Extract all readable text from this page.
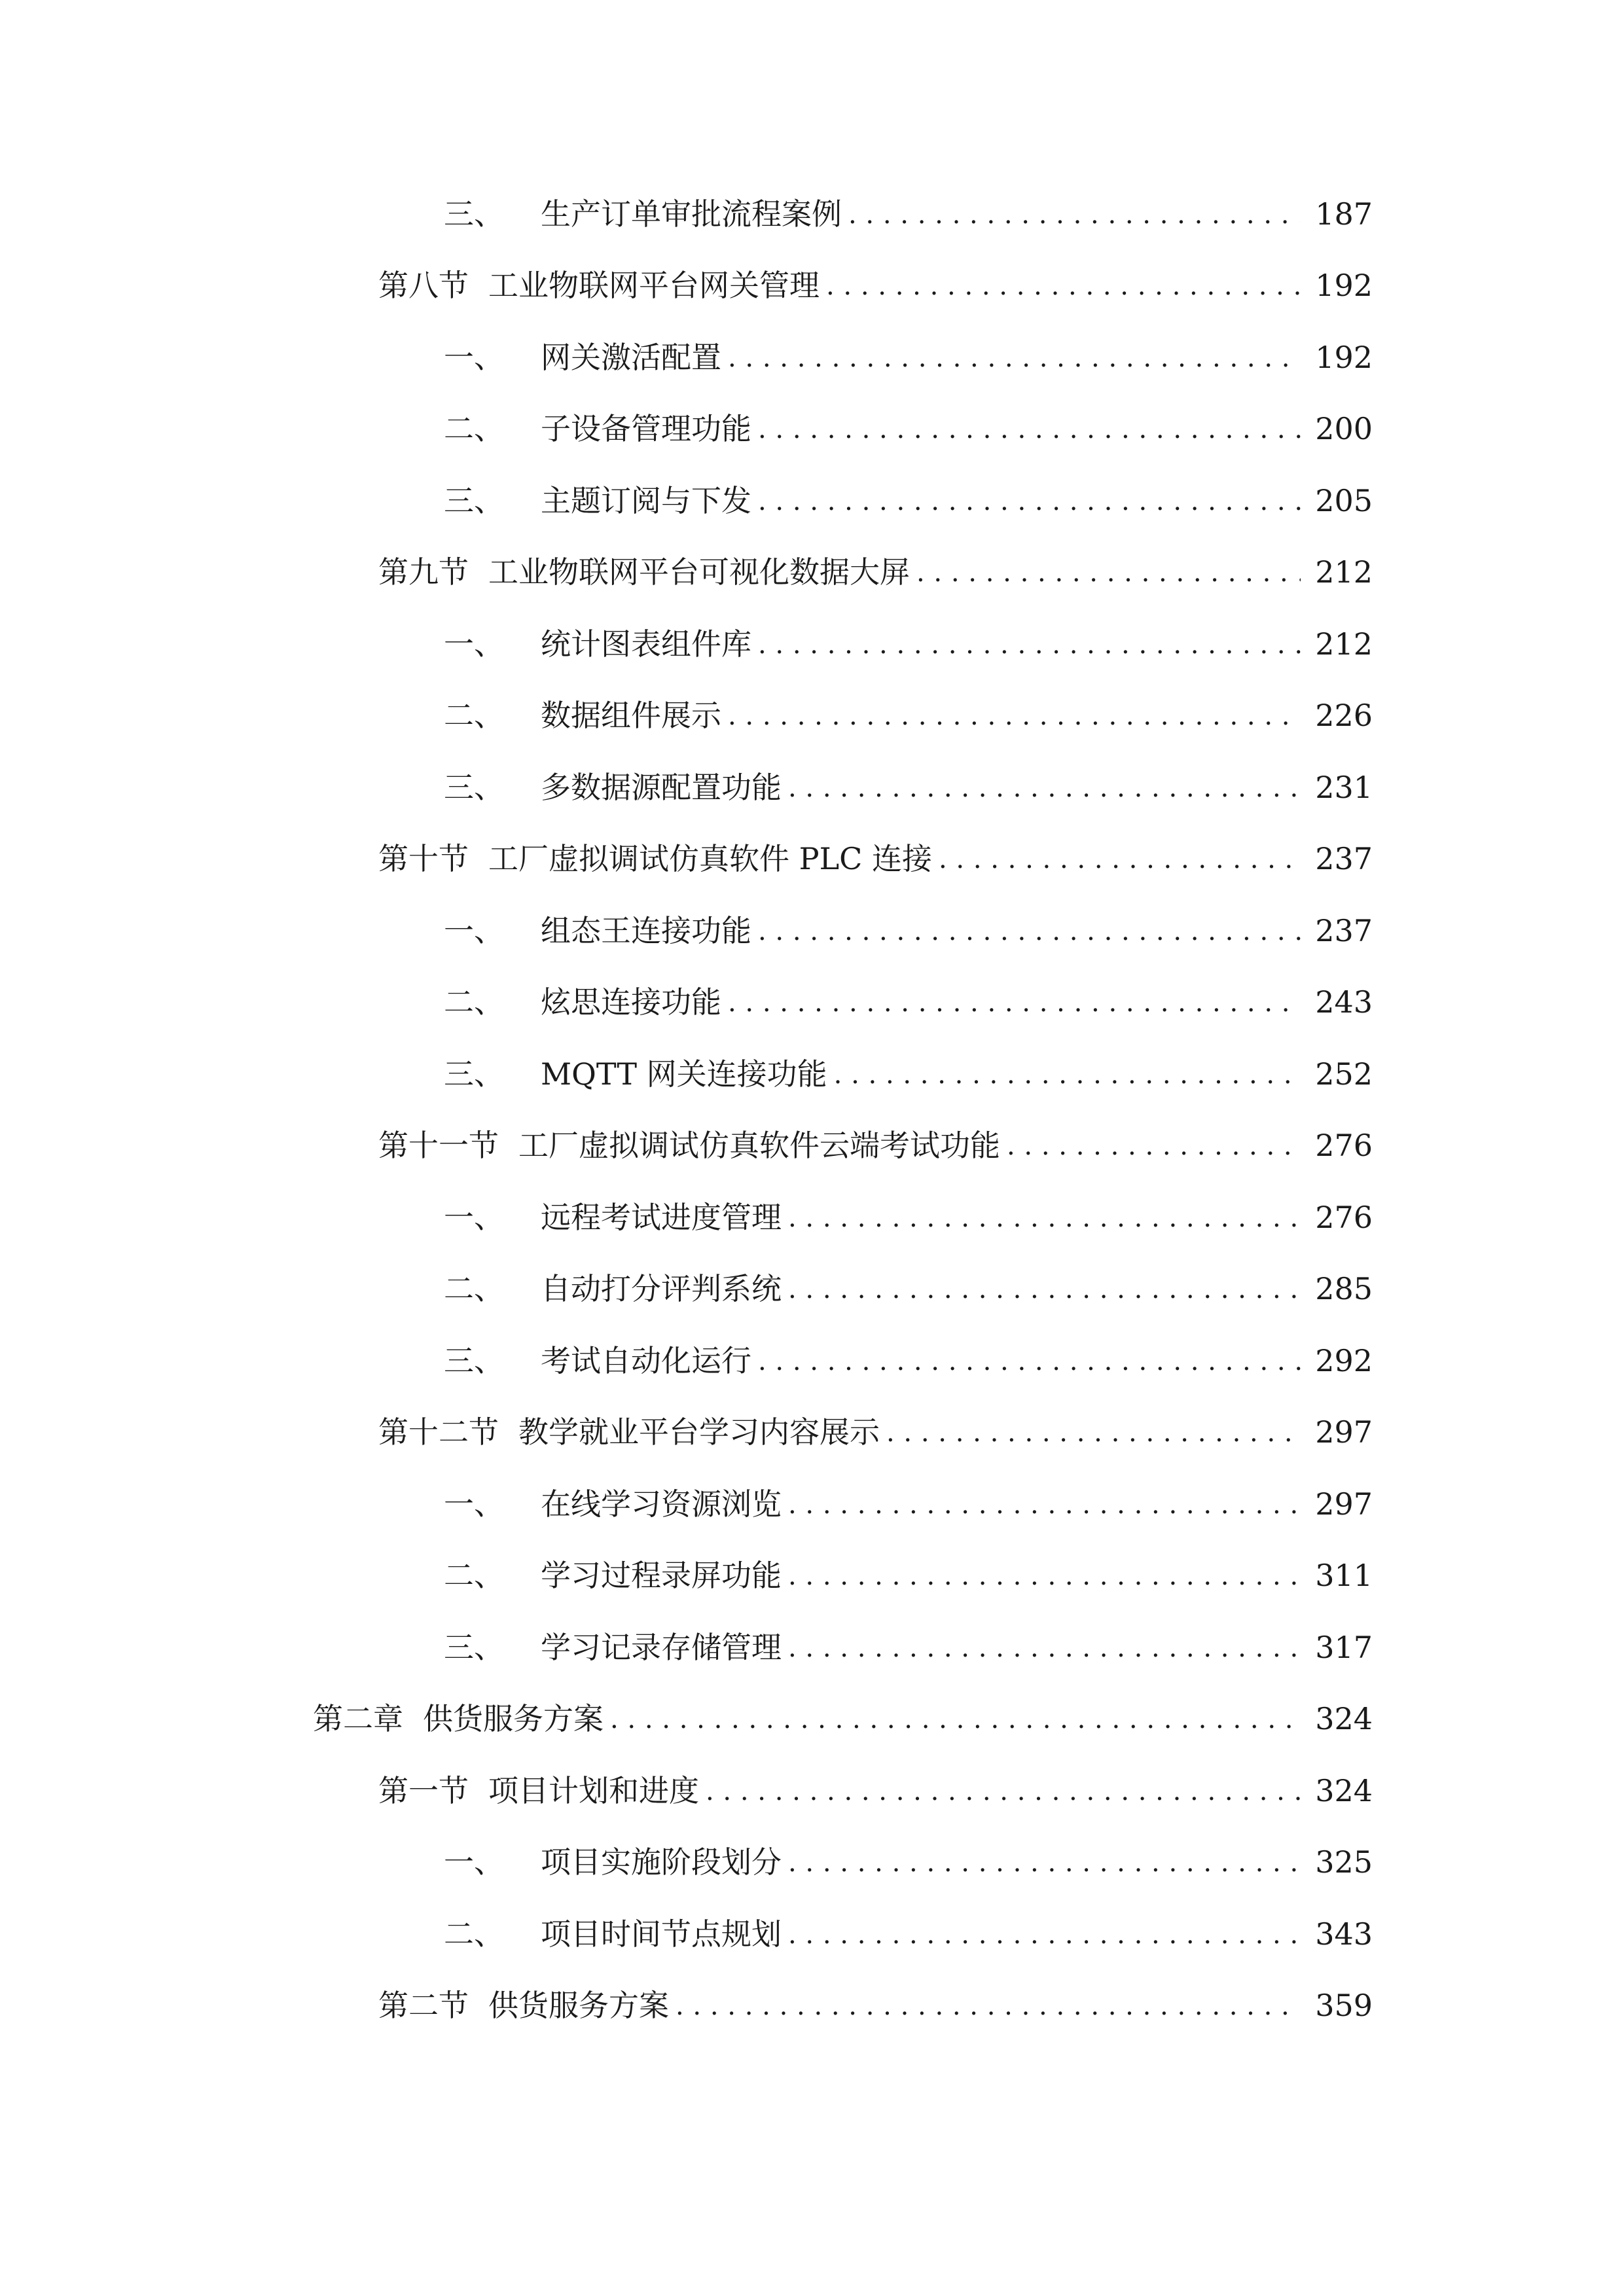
三、	生产订单审批流程案例 . . .	187
第八节 工业物联网平台网关管理 . . .	192
一、	网关激活配置 . . .	192
二、	子设备管理功能 . . .	200
三、	主题订阅与下发 . . .	205
第九节 工业物联网平台可视化数据大屏 . . .	212
一、	统计图表组件库 . . .	212
二、	数据组件展示 . . .	226
三、	多数据源配置功能 . . .	231
第十节 工厂虚拟调试仿真软件 PLC 连接 . . .	237
一、	组态王连接功能 . . .	237
二、	炫思连接功能 . . .	243
三、	MQTT 网关连接功能 . . .	252
第十一节 工厂虚拟调试仿真软件云端考试功能 . . .	276
一、	远程考试进度管理 . . .	276
二、	自动打分评判系统 . . .	285
三、	考试自动化运行 . . .	292
第十二节 教学就业平台学习内容展示 . . .	297
一、	在线学习资源浏览 . . .	297
二、	学习过程录屏功能 . . .	311
三、	学习记录存储管理 . . .	317
第二章 供货服务方案 . . .	324
第一节 项目计划和进度 . . .	324
一、	项目实施阶段划分 . . .	325
二、	项目时间节点规划 . . .	343
第二节 供货服务方案 . . .	359
